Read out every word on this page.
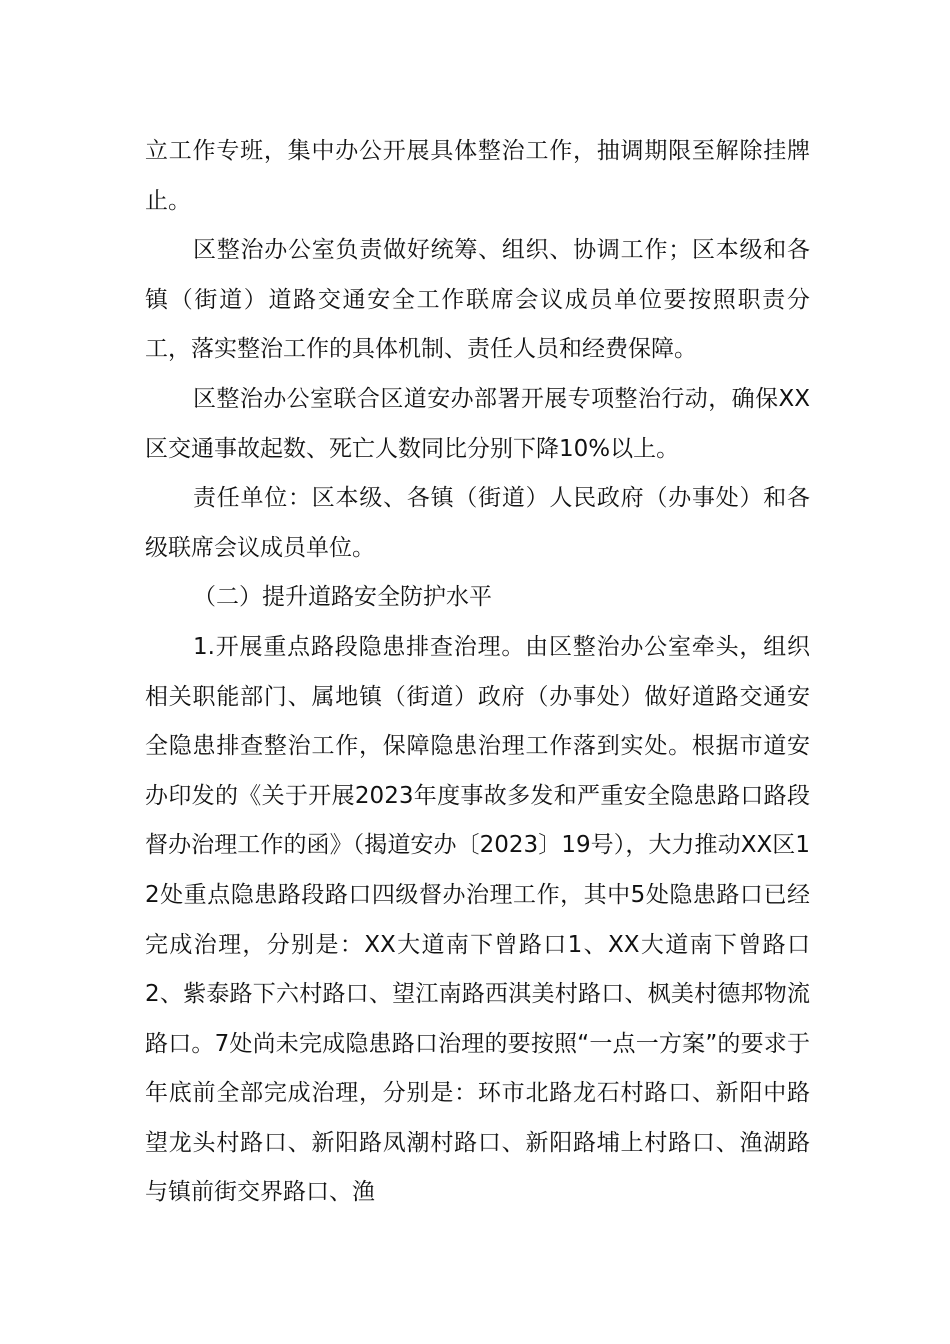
立工作专班，集中办公开展具体整治工作，抽调期限至解除挂牌止。

区整治办公室负责做好统筹、组织、协调工作；区本级和各镇（街道）道路交通安全工作联席会议成员单位要按照职责分工，落实整治工作的具体机制、责任人员和经费保障。

区整治办公室联合区道安办部署开展专项整治行动，确保XX区交通事故起数、死亡人数同比分别下降10%以上。

责任单位：区本级、各镇（街道）人民政府（办事处）和各级联席会议成员单位。

（二）提升道路安全防护水平

1.开展重点路段隐患排查治理。由区整治办公室牵头，组织相关职能部门、属地镇（街道）政府（办事处）做好道路交通安全隐患排查整治工作，保障隐患治理工作落到实处。根据市道安办印发的《关于开展2023年度事故多发和严重安全隐患路口路段督办治理工作的函》（揭道安办〔2023〕19号），大力推动XX区12处重点隐患路段路口四级督办治理工作，其中5处隐患路口已经完成治理，分别是：XX大道南下曾路口1、XX大道南下曾路口2、紫泰路下六村路口、望江南路西淇美村路口、枫美村德邦物流路口。7处尚未完成隐患路口治理的要按照“一点一方案”的要求于年底前全部完成治理，分别是：环市北路龙石村路口、新阳中路望龙头村路口、新阳路凤潮村路口、新阳路埔上村路口、渔湖路与镇前街交界路口、渔
